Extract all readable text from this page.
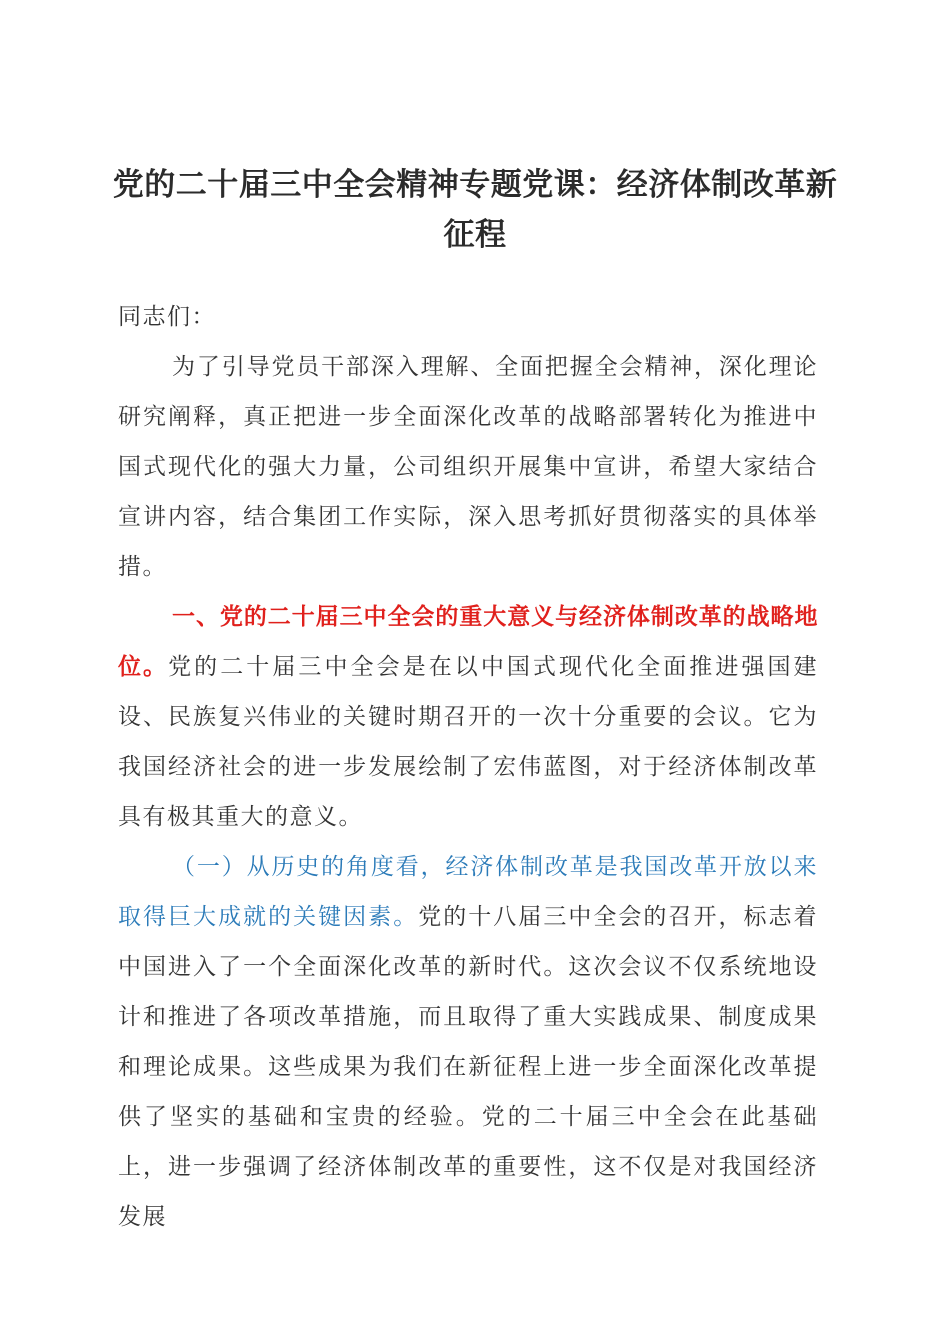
党的二十届三中全会精神专题党课：经济体制改革新征程

同志们：

为了引导党员干部深入理解、全面把握全会精神，深化理论研究阐释，真正把进一步全面深化改革的战略部署转化为推进中国式现代化的强大力量，公司组织开展集中宣讲，希望大家结合宣讲内容，结合集团工作实际，深入思考抓好贯彻落实的具体举措。

一、党的二十届三中全会的重大意义与经济体制改革的战略地位。党的二十届三中全会是在以中国式现代化全面推进强国建设、民族复兴伟业的关键时期召开的一次十分重要的会议。它为我国经济社会的进一步发展绘制了宏伟蓝图，对于经济体制改革具有极其重大的意义。

（一）从历史的角度看，经济体制改革是我国改革开放以来取得巨大成就的关键因素。党的十八届三中全会的召开，标志着中国进入了一个全面深化改革的新时代。这次会议不仅系统地设计和推进了各项改革措施，而且取得了重大实践成果、制度成果和理论成果。这些成果为我们在新征程上进一步全面深化改革提供了坚实的基础和宝贵的经验。党的二十届三中全会在此基础上，进一步强调了经济体制改革的重要性，这不仅是对我国经济发展
